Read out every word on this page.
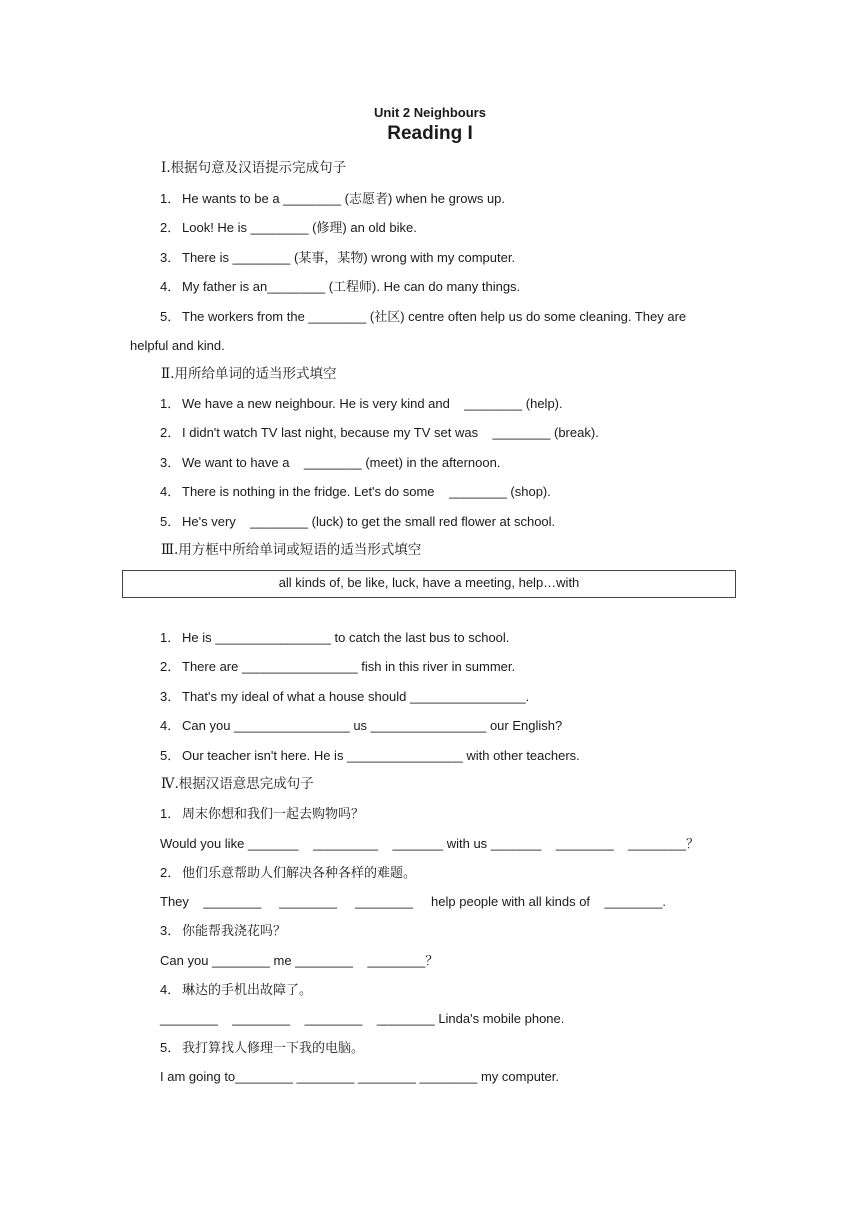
Unit 2 Neighbours
Reading I
Ⅰ.根据句意及汉语提示完成句子
1． He wants to be a ________ (志愿者) when he grows up.
2． Look! He is ________ (修理) an old bike.
3． There is ________ (某事，某物) wrong with my computer.
4． My father is an________ (工程师). He can do many things.
5． The workers from the ________ (社区) centre often help us do some cleaning. They are
helpful and kind.
Ⅱ.用所给单词的适当形式填空
1． We have a new neighbour. He is very kind and    ________ (help).
2． I didn't watch TV last night, because my TV set was    ________ (break).
3． We want to have a    ________ (meet) in the afternoon.
4． There is nothing in the fridge. Let's do some    ________ (shop).
5． He's very    ________ (luck) to get the small red flower at school.
Ⅲ.用方框中所给单词或短语的适当形式填空
all kinds of, be like, luck, have a meeting, help…with
1． He is ________________ to catch the last bus to school.
2． There are ________________ fish in this river in summer.
3． That's my ideal of what a house should ________________.
4． Can you ________________ us ________________ our English?
5． Our teacher isn't here. He is ________________ with other teachers.
Ⅳ.根据汉语意思完成句子
1． 周末你想和我们一起去购物吗？
Would you like _______    _________    _______ with us _______    ________    ________？
2． 他们乐意帮助人们解决各种各样的难题。
They    ________     ________     ________     help people with all kinds of    ________.
3． 你能帮我浇花吗？
Can you ________ me ________    ________？
4． 琳达的手机出故障了。
________    ________    ________    ________ Linda's mobile phone.
5． 我打算找人修理一下我的电脑。
I am going to________ ________ ________ ________ my computer.
